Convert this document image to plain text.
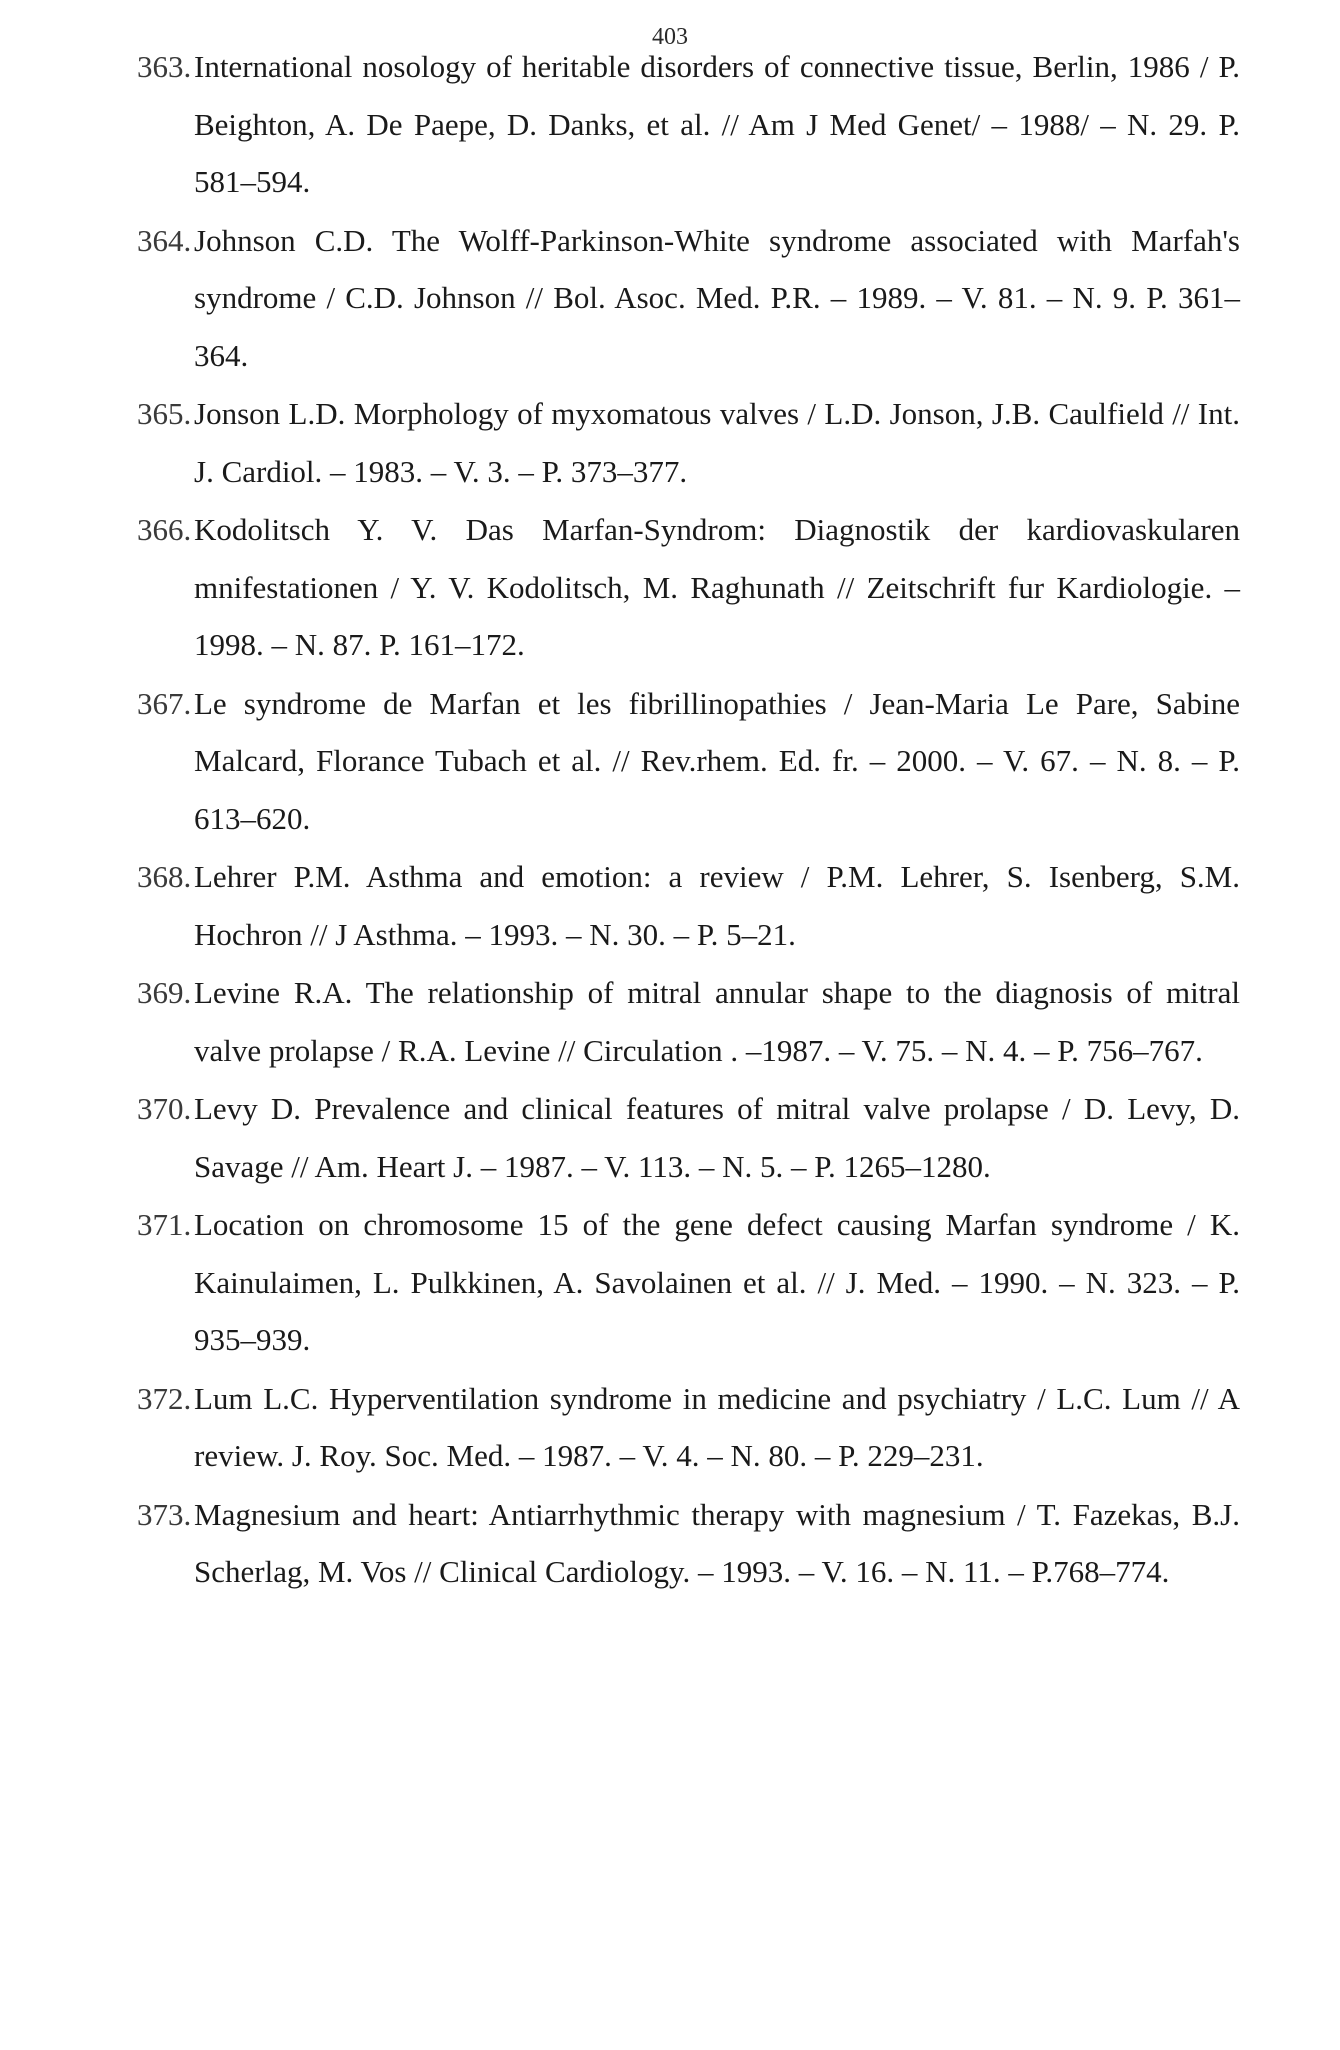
403
363. International nosology of heritable disorders of connective tissue, Berlin, 1986 / P. Beighton, A. De Paepe, D. Danks, et al. // Am J Med Genet/ – 1988/ – N. 29. P. 581–594.
364. Johnson C.D. The Wolff-Parkinson-White syndrome associated with Marfah's syndrome / C.D. Johnson // Bol. Asoc. Med. P.R. – 1989. – V. 81. – N. 9. P. 361–364.
365. Jonson L.D. Morphology of myxomatous valves / L.D. Jonson, J.B. Caulfield // Int. J. Cardiol. – 1983. – V. 3. – P. 373–377.
366. Kodolitsch Y. V. Das Marfan-Syndrom: Diagnostik der kardiovaskularen mnifestationen / Y. V. Kodolitsch, M. Raghunath // Zeitschrift fur Kardiologie. – 1998. – N. 87. P. 161–172.
367. Le syndrome de Marfan et les fibrillinopathies / Jean-Maria Le Pare, Sabine Malcard, Florance Tubach et al. // Rev.rhem. Ed. fr. – 2000. – V. 67. – N. 8. – P. 613–620.
368. Lehrer P.M. Asthma and emotion: a review / P.M. Lehrer, S. Isenberg, S.M. Hochron // J Asthma. – 1993. – N. 30. – P. 5–21.
369. Levine R.A. The relationship of mitral annular shape to the diagnosis of mitral valve prolapse / R.A. Levine // Circulation . –1987. – V. 75. – N. 4. – P. 756–767.
370. Levy D. Prevalence and clinical features of mitral valve prolapse / D. Levy, D. Savage // Am. Heart J. – 1987. – V. 113. – N. 5. – P. 1265–1280.
371. Location on chromosome 15 of the gene defect causing Marfan syndrome / K. Kainulaimen, L. Pulkkinen, A. Savolainen et al. // J. Med. – 1990. – N. 323. – P. 935–939.
372. Lum L.C. Hyperventilation syndrome in medicine and psychiatry / L.C. Lum // A review. J. Roy. Soc. Med. – 1987. – V. 4. – N. 80. – P. 229–231.
373. Magnesium and heart: Antiarrhythmic therapy with magnesium / T. Fazekas, B.J. Scherlag, M. Vos // Clinical Cardiology. – 1993. – V. 16. – N. 11. – P.768–774.
